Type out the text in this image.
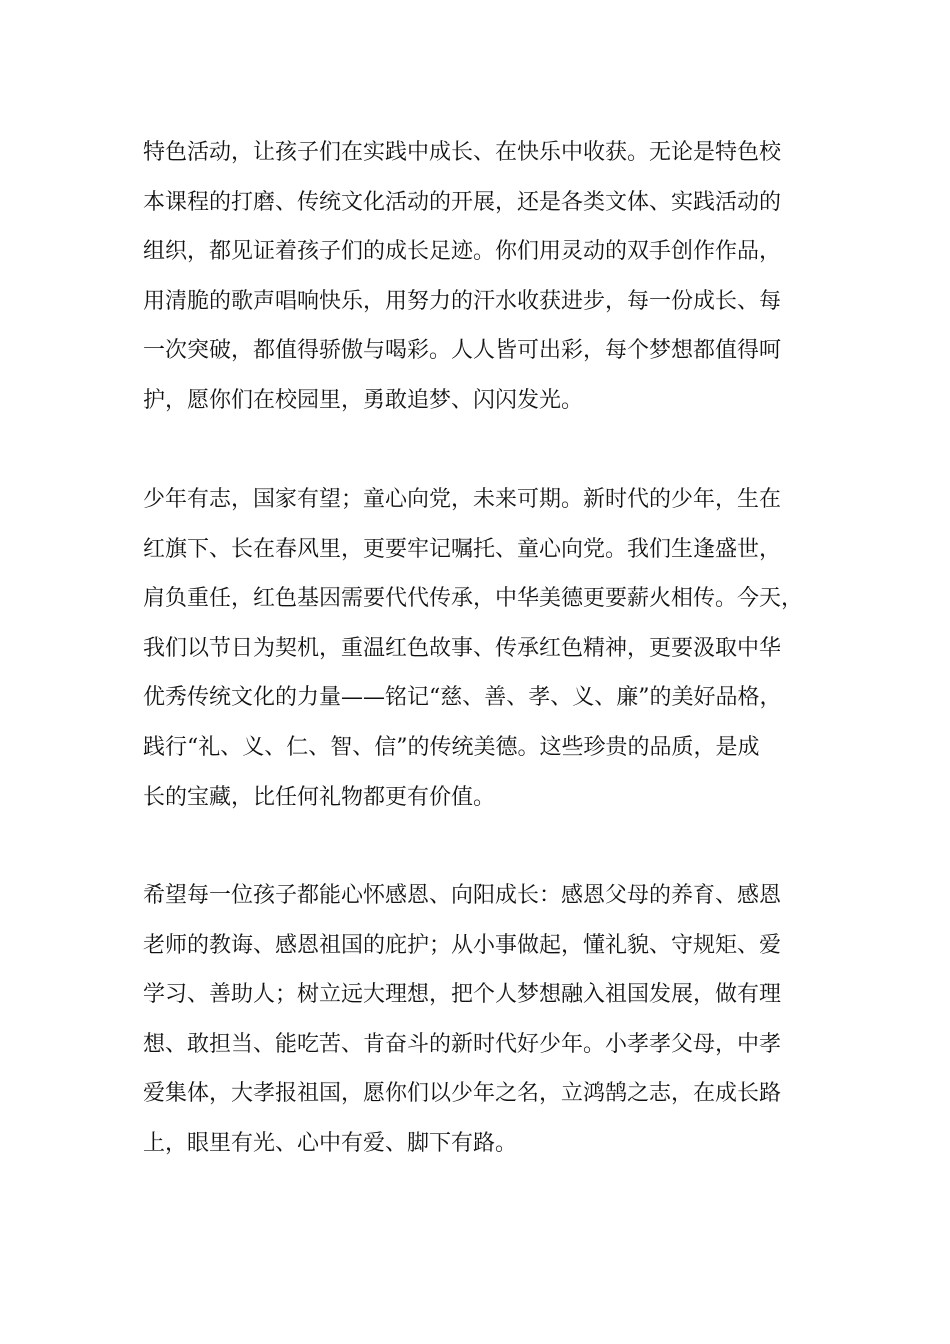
特色活动，让孩子们在实践中成长、在快乐中收获。无论是特色校
本课程的打磨、传统文化活动的开展，还是各类文体、实践活动的
组织，都见证着孩子们的成长足迹。你们用灵动的双手创作作品，
用清脆的歌声唱响快乐，用努力的汗水收获进步，每一份成长、每
一次突破，都值得骄傲与喝彩。人人皆可出彩，每个梦想都值得呵
护，愿你们在校园里，勇敢追梦、闪闪发光。
少年有志，国家有望；童心向党，未来可期。新时代的少年，生在
红旗下、长在春风里，更要牢记嘱托、童心向党。我们生逢盛世，
肩负重任，红色基因需要代代传承，中华美德更要薪火相传。今天，
我们以节日为契机，重温红色故事、传承红色精神，更要汲取中华
优秀传统文化的力量——铭记“慈、善、孝、义、廉”的美好品格，
践行“礼、义、仁、智、信”的传统美德。这些珍贵的品质，是成
长的宝藏，比任何礼物都更有价值。
希望每一位孩子都能心怀感恩、向阳成长：感恩父母的养育、感恩
老师的教诲、感恩祖国的庇护；从小事做起，懂礼貌、守规矩、爱
学习、善助人；树立远大理想，把个人梦想融入祖国发展，做有理
想、敢担当、能吃苦、肯奋斗的新时代好少年。小孝孝父母，中孝
爱集体，大孝报祖国，愿你们以少年之名，立鸿鹄之志，在成长路
上，眼里有光、心中有爱、脚下有路。
